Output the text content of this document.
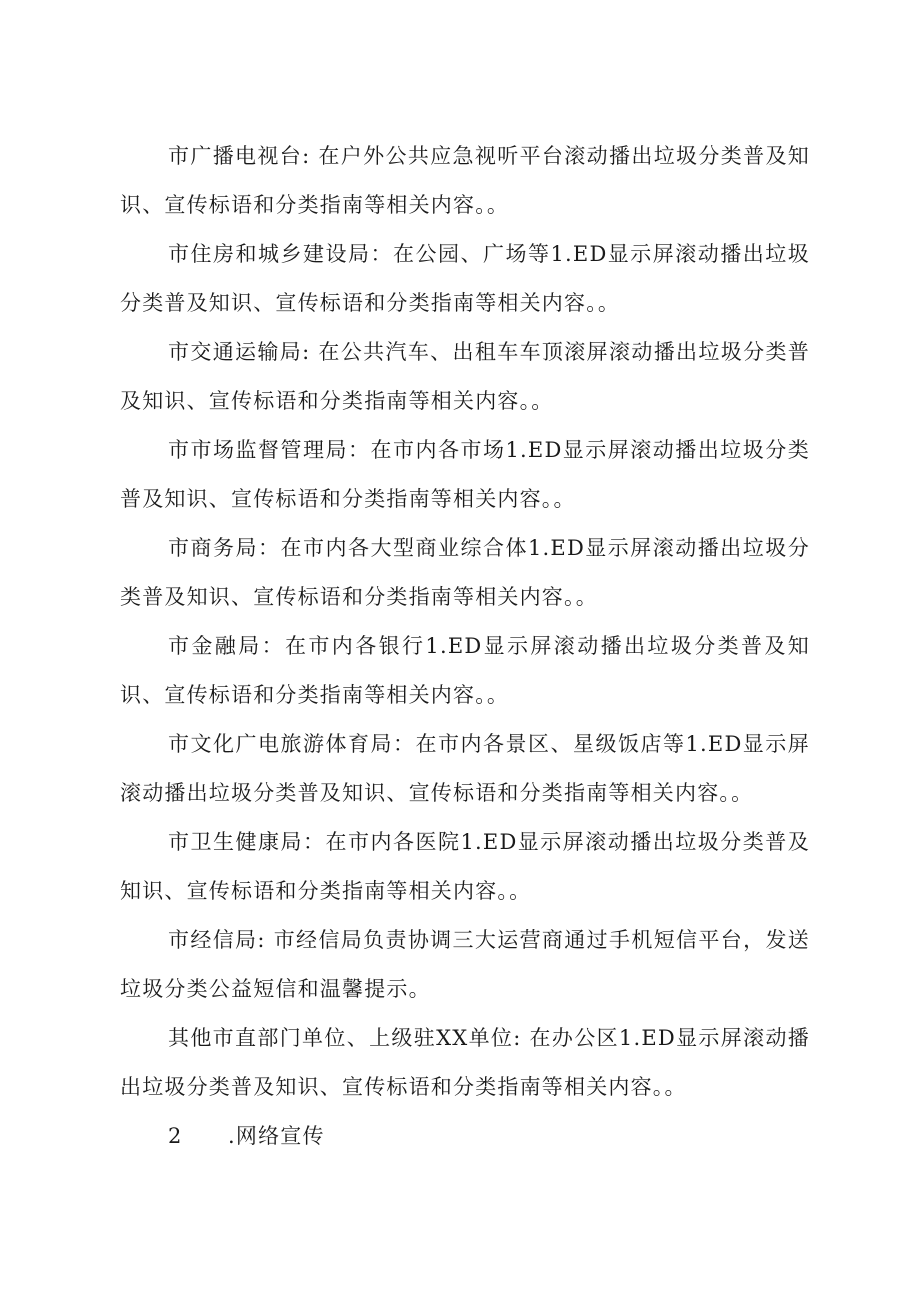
市广播电视台: 在户外公共应急视听平台滚动播出垃圾分类普及知识、宣传标语和分类指南等相关内容。。

市住房和城乡建设局：在公园、广场等1.ED显示屏滚动播出垃圾分类普及知识、宣传标语和分类指南等相关内容。。

市交通运输局: 在公共汽车、出租车车顶滚屏滚动播出垃圾分类普及知识、宣传标语和分类指南等相关内容。。

市市场监督管理局：在市内各市场1.ED显示屏滚动播出垃圾分类普及知识、宣传标语和分类指南等相关内容。。

市商务局：在市内各大型商业综合体1.ED显示屏滚动播出垃圾分类普及知识、宣传标语和分类指南等相关内容。。

市金融局：在市内各银行1.ED显示屏滚动播出垃圾分类普及知识、宣传标语和分类指南等相关内容。。

市文化广电旅游体育局：在市内各景区、星级饭店等1.ED显示屏滚动播出垃圾分类普及知识、宣传标语和分类指南等相关内容。。

市卫生健康局：在市内各医院1.ED显示屏滚动播出垃圾分类普及知识、宣传标语和分类指南等相关内容。。

市经信局: 市经信局负责协调三大运营商通过手机短信平台，发送垃圾分类公益短信和温馨提示。

其他市直部门单位、上级驻XX单位: 在办公区1.ED显示屏滚动播出垃圾分类普及知识、宣传标语和分类指南等相关内容。。

2 .网络宣传
